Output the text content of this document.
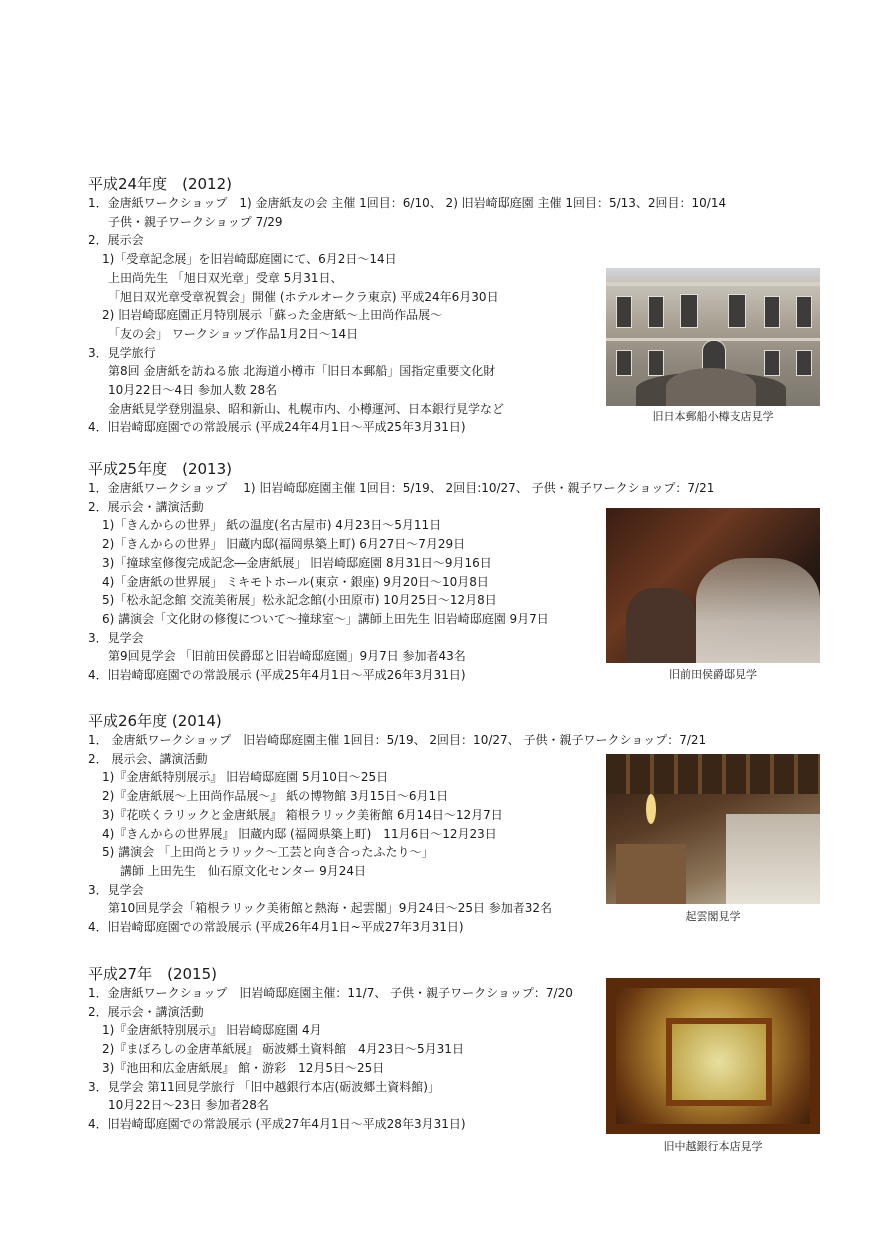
平成24年度　(2012)
1．金唐紙ワークショップ　1) 金唐紙友の会 主催 1回目：6/10、 2) 旧岩崎邸庭園 主催 1回目：5/13、2回目：10/14
子供・親子ワークショップ 7/29
2．展示会
1)「受章記念展」を旧岩崎邸庭園にて、6月2日～14日
上田尚先生 「旭日双光章」受章 5月31日、
「旭日双光章受章祝賀会」開催 (ホテルオークラ東京) 平成24年6月30日
2) 旧岩崎邸庭園正月特別展示「蘇った金唐紙～上田尚作品展～
「友の会」 ワークショップ作品1月2日～14日
3．見学旅行
第8回 金唐紙を訪ねる旅 北海道小樽市「旧日本郵船」国指定重要文化財
10月22日～4日 参加人数 28名
金唐紙見学登別温泉、昭和新山、札幌市内、小樽運河、日本銀行見学など
4．旧岩崎邸庭園での常設展示 (平成24年4月1日～平成25年3月31日)
平成25年度　(2013)
1．金唐紙ワークショップ　 1) 旧岩崎邸庭園主催 1回目：5/19、 2回目:10/27、 子供・親子ワークショップ：7/21
2．展示会・講演活動
1)「きんからの世界」 紙の温度(名古屋市) 4月23日～5月11日
2)「きんからの世界」 旧蔵内邸(福岡県築上町) 6月27日～7月29日
3)「撞球室修復完成記念―金唐紙展」 旧岩崎邸庭園 8月31日～9月16日
4)「金唐紙の世界展」 ミキモトホール(東京・銀座) 9月20日～10月8日
5)「松永記念館 交流美術展」松永記念館(小田原市) 10月25日～12月8日
6) 講演会「文化財の修復について～撞球室～」講師上田先生 旧岩崎邸庭園 9月7日
3．見学会
第9回見学会 「旧前田侯爵邸と旧岩崎邸庭園」9月7日 参加者43名
4．旧岩崎邸庭園での常設展示 (平成25年4月1日～平成26年3月31日)
平成26年度 (2014)
1． 金唐紙ワークショップ　旧岩崎邸庭園主催 1回目：5/19、 2回目：10/27、 子供・親子ワークショップ：7/21
2． 展示会、講演活動
1)『金唐紙特別展示』 旧岩崎邸庭園 5月10日～25日
2)『金唐紙展～上田尚作品展～』 紙の博物館 3月15日～6月1日
3)『花咲くラリックと金唐紙展』 箱根ラリック美術館 6月14日～12月7日
4)『きんからの世界展』 旧蔵内邸 (福岡県築上町)　11月6日～12月23日
5) 講演会 「上田尚とラリック～工芸と向き合ったふたり～」
講師 上田先生　仙石原文化センター 9月24日
3．見学会
第10回見学会「箱根ラリック美術館と熱海・起雲閣」9月24日～25日 参加者32名
4．旧岩崎邸庭園での常設展示 (平成26年4月1日~平成27年3月31日)
平成27年　(2015)
1．金唐紙ワークショップ　旧岩崎邸庭園主催：11/7、 子供・親子ワークショップ：7/20
2．展示会・講演活動
1)『金唐紙特別展示』 旧岩崎邸庭園 4月
2)『まぼろしの金唐革紙展』 砺波郷土資料館　4月23日～5月31日
3)『池田和広金唐紙展』 館・游彩　12月5日～25日
3．見学会 第11回見学旅行 「旧中越銀行本店(砺波郷土資料館)」
10月22日～23日 参加者28名
4．旧岩崎邸庭園での常設展示 (平成27年4月1日～平成28年3月31日)
旧日本郵船小樽支店見学
旧前田侯爵邸見学
起雲閣見学
旧中越銀行本店見学
